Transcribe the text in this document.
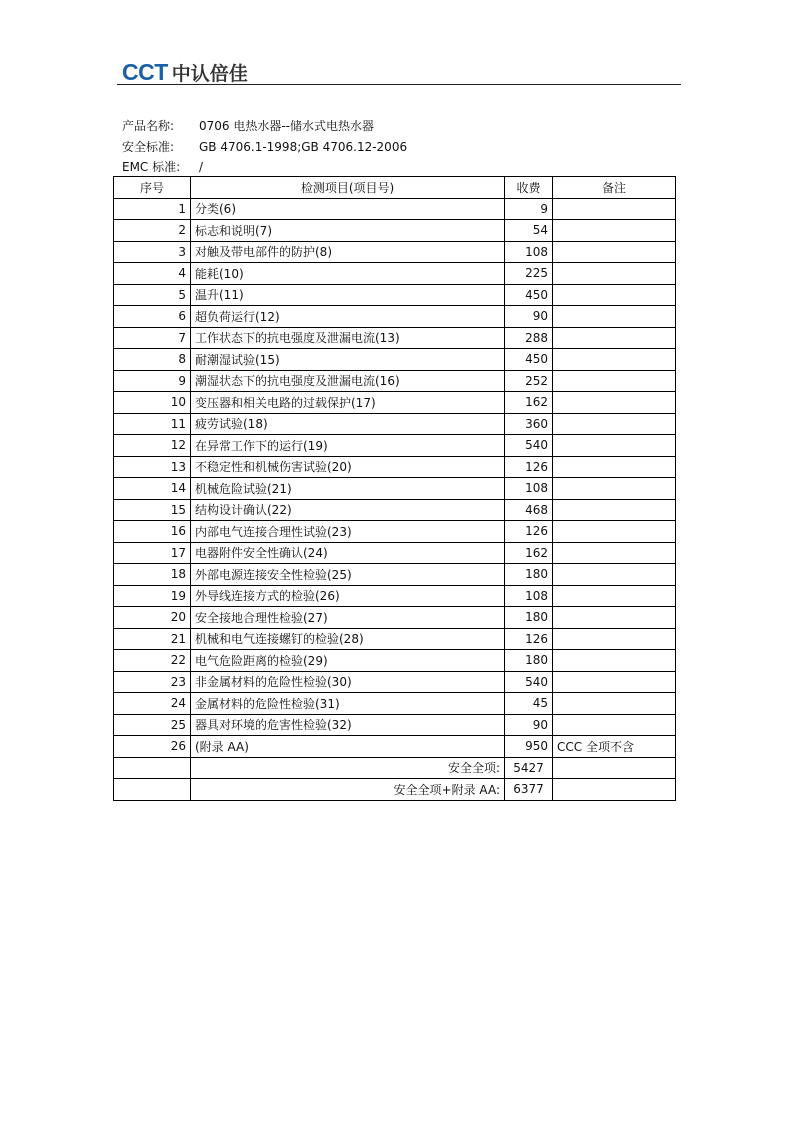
CCT 中认倍佳
产品名称: 0706 电热水器--储水式电热水器
安全标准: GB 4706.1-1998;GB 4706.12-2006
EMC 标准: /
序号	检测项目(项目号)	收费	备注
1	分类(6)	9	
2	标志和说明(7)	54	
3	对触及带电部件的防护(8)	108	
4	能耗(10)	225	
5	温升(11)	450	
6	超负荷运行(12)	90	
7	工作状态下的抗电强度及泄漏电流(13)	288	
8	耐潮湿试验(15)	450	
9	潮湿状态下的抗电强度及泄漏电流(16)	252	
10	变压器和相关电路的过载保护(17)	162	
11	疲劳试验(18)	360	
12	在异常工作下的运行(19)	540	
13	不稳定性和机械伤害试验(20)	126	
14	机械危险试验(21)	108	
15	结构设计确认(22)	468	
16	内部电气连接合理性试验(23)	126	
17	电器附件安全性确认(24)	162	
18	外部电源连接安全性检验(25)	180	
19	外导线连接方式的检验(26)	108	
20	安全接地合理性检验(27)	180	
21	机械和电气连接螺钉的检验(28)	126	
22	电气危险距离的检验(29)	180	
23	非金属材料的危险性检验(30)	540	
24	金属材料的危险性检验(31)	45	
25	器具对环境的危害性检验(32)	90	
26	(附录 AA)	950	CCC 全项不含
	安全全项:	5427	
	安全全项+附录 AA:	6377	
